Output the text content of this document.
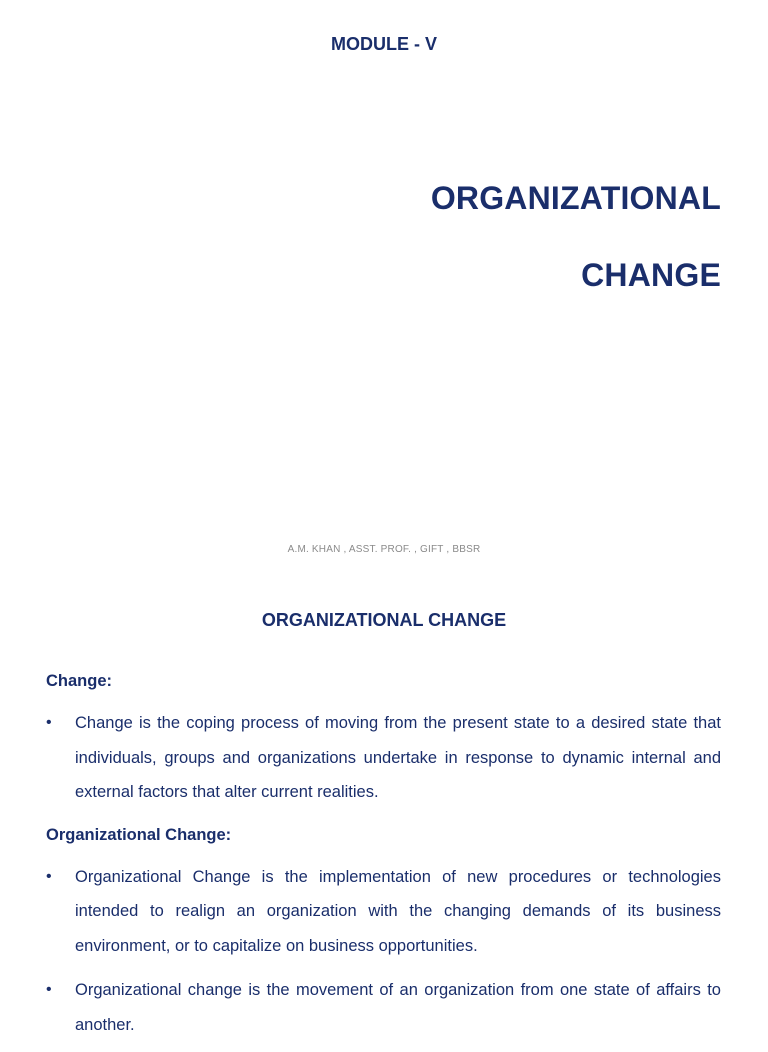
MODULE - V
ORGANIZATIONAL
CHANGE
A.M. KHAN , ASST. PROF. , GIFT , BBSR
ORGANIZATIONAL CHANGE
Change:
•	Change is the coping process of moving from the present state to a desired state that individuals, groups and organizations undertake in response to dynamic internal and external factors that alter current realities.
Organizational Change:
•	Organizational Change is the implementation of new procedures or technologies intended to realign an organization with the changing demands of its business environment, or to capitalize on business opportunities.
•	Organizational change is the movement of an organization from one state of affairs to another.
